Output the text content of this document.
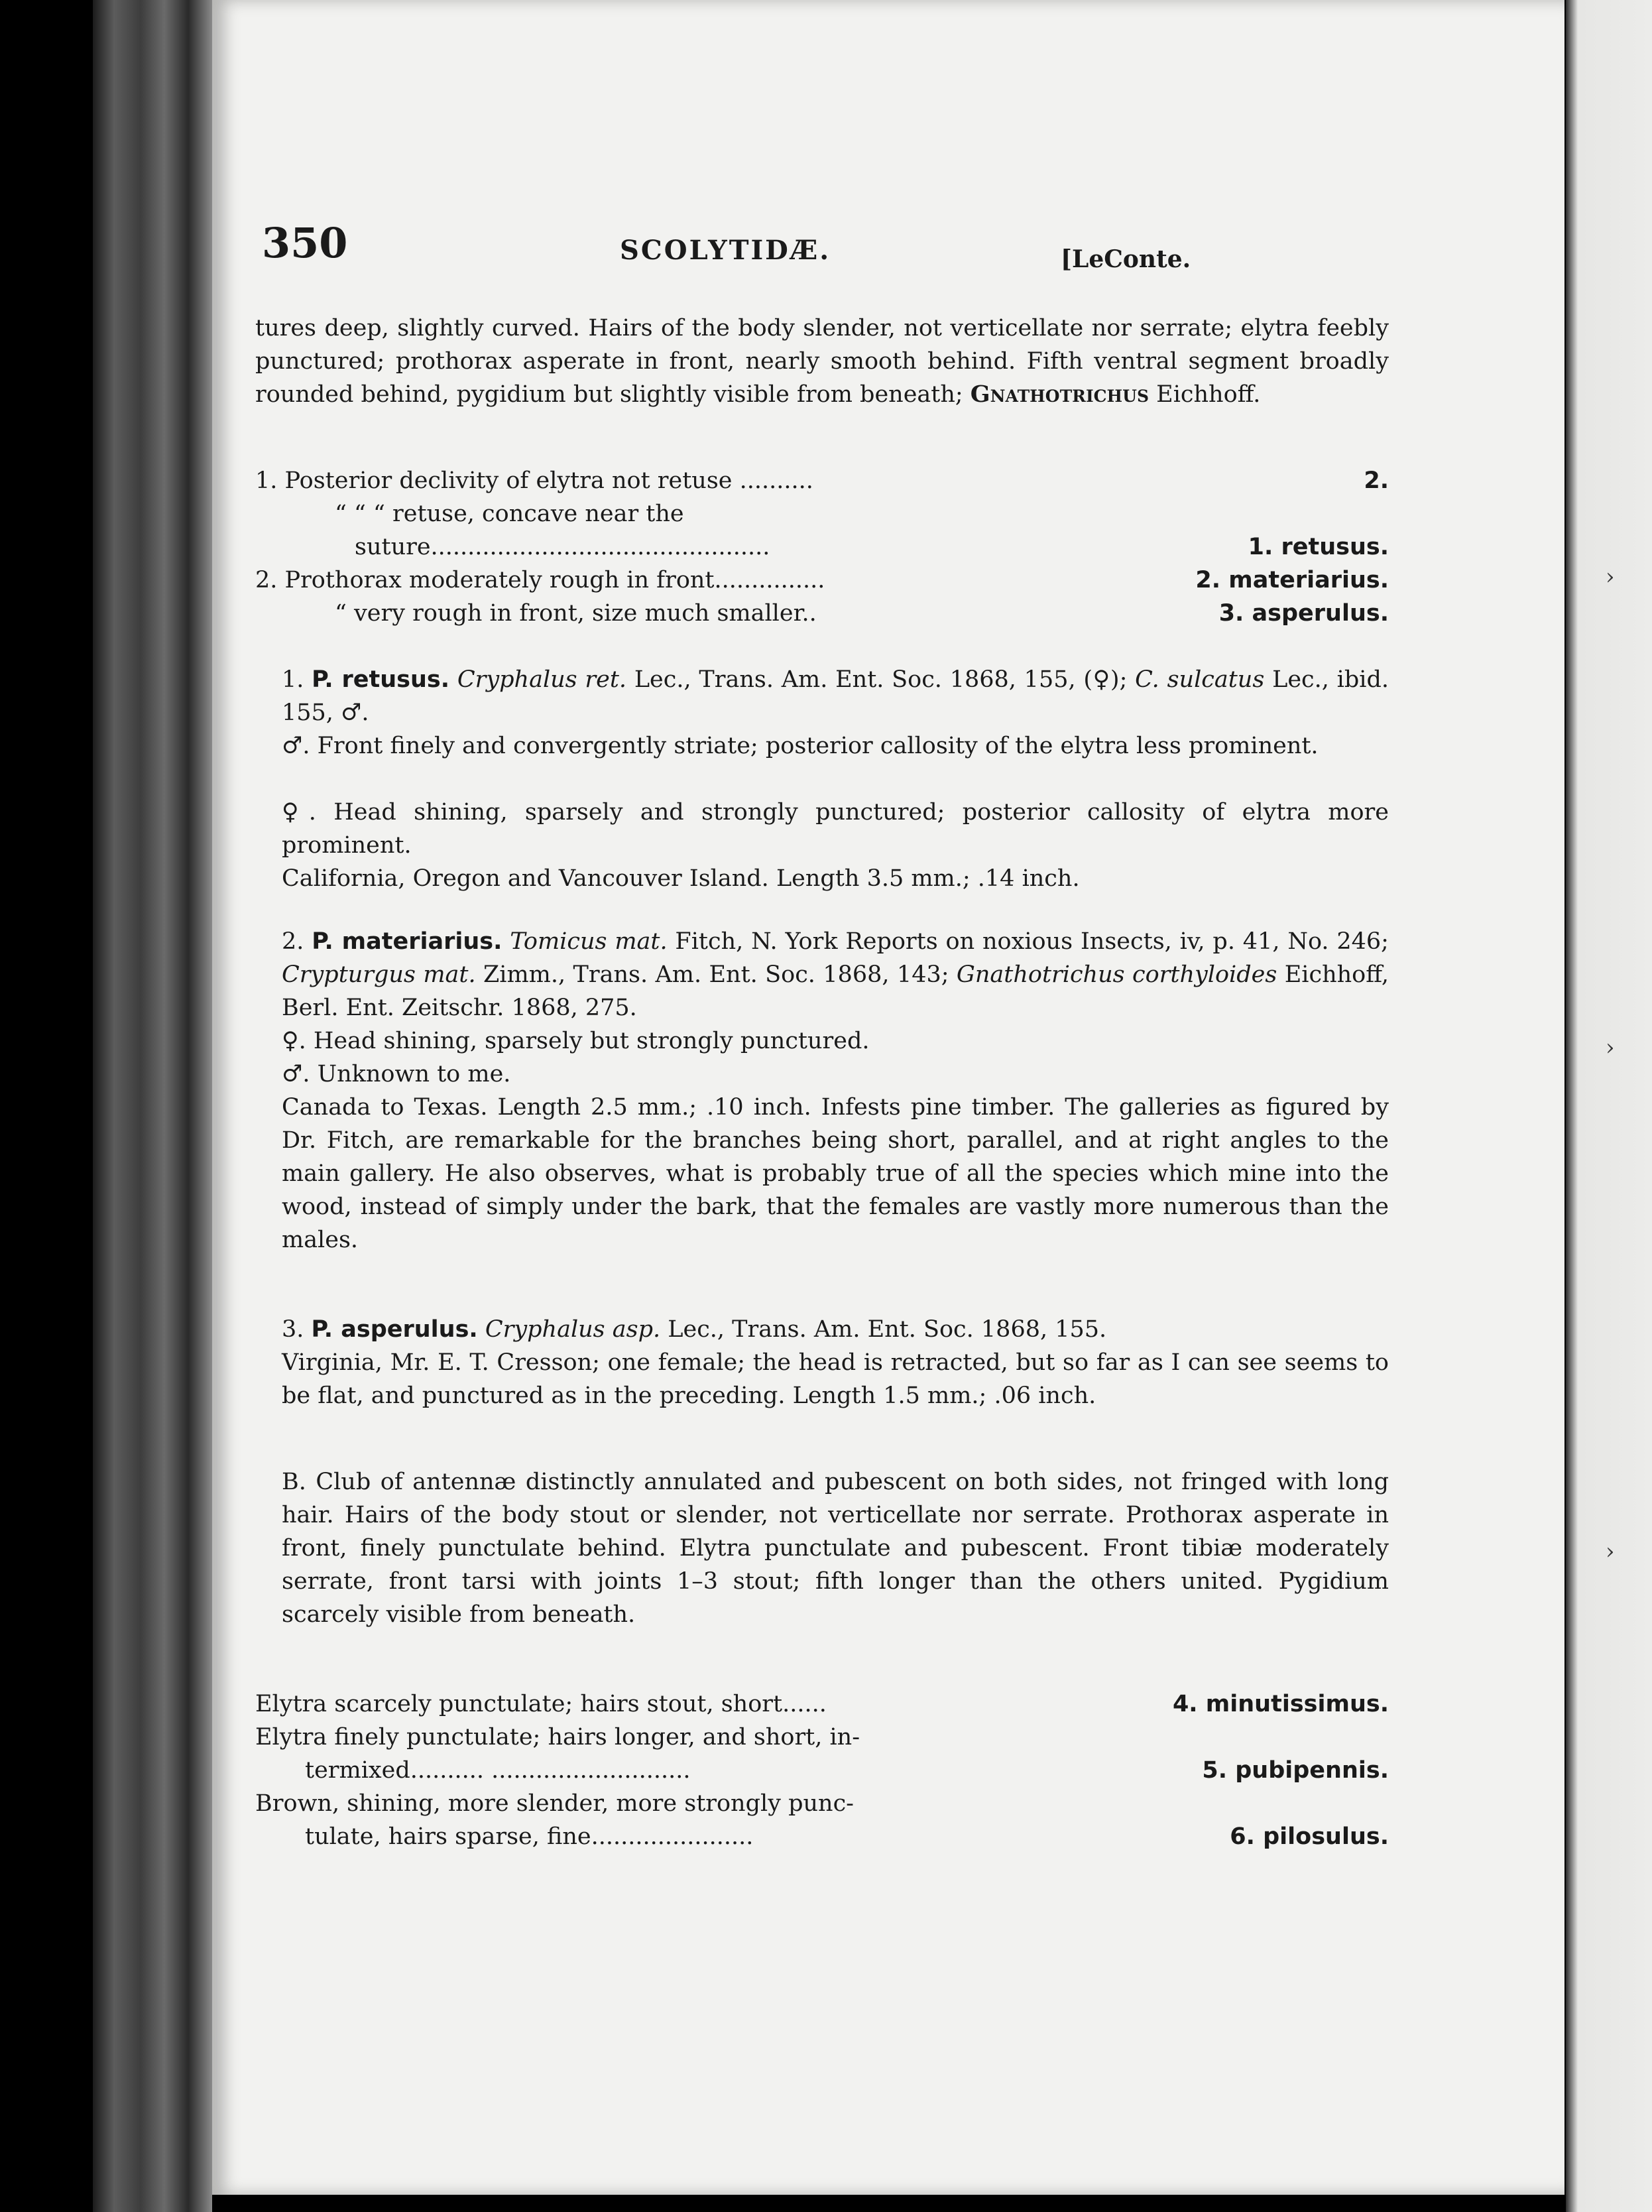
›
›
›
350	SCOLYTIDÆ.	[LeConte.

tures deep, slightly curved. Hairs of the body slender, not verticellate nor serrate; elytra feebly punctured; prothorax asperate in front, nearly smooth behind. Fifth ventral segment broadly rounded behind, pygidium but slightly visible from beneath; Gnathotrichus Eichhoff.

1. Posterior declivity of elytra not retuse ..........	2.
“ “ “ retuse, concave near the
suture..............................................	1. retusus.
2. Prothorax moderately rough in front...............	2. materiarius.
“ very rough in front, size much smaller..	3. asperulus.

1. P. retusus. Cryphalus ret. Lec., Trans. Am. Ent. Soc. 1868, 155, (♀); C. sulcatus Lec., ibid. 155, ♂.

♂. Front finely and convergently striate; posterior callosity of the elytra less prominent.

♀. Head shining, sparsely and strongly punctured; posterior callosity of elytra more prominent.

California, Oregon and Vancouver Island. Length 3.5 mm.; .14 inch.

2. P. materiarius. Tomicus mat. Fitch, N. York Reports on noxious Insects, iv, p. 41, No. 246; Crypturgus mat. Zimm., Trans. Am. Ent. Soc. 1868, 143; Gnathotrichus corthyloides Eichhoff, Berl. Ent. Zeitschr. 1868, 275.

♀. Head shining, sparsely but strongly punctured.

♂. Unknown to me.

Canada to Texas. Length 2.5 mm.; .10 inch. Infests pine timber. The galleries as figured by Dr. Fitch, are remarkable for the branches being short, parallel, and at right angles to the main gallery. He also observes, what is probably true of all the species which mine into the wood, instead of simply under the bark, that the females are vastly more numerous than the males.

3. P. asperulus. Cryphalus asp. Lec., Trans. Am. Ent. Soc. 1868, 155.

Virginia, Mr. E. T. Cresson; one female; the head is retracted, but so far as I can see seems to be flat, and punctured as in the preceding. Length 1.5 mm.; .06 inch.

B. Club of antennæ distinctly annulated and pubescent on both sides, not fringed with long hair. Hairs of the body stout or slender, not verticellate nor serrate. Prothorax asperate in front, finely punctulate behind. Elytra punctulate and pubescent. Front tibiæ moderately serrate, front tarsi with joints 1–3 stout; fifth longer than the others united. Pygidium scarcely visible from beneath.

Elytra scarcely punctulate; hairs stout, short......	4. minutissimus.
Elytra finely punctulate; hairs longer, and short, in-
termixed.......... ...........................	5. pubipennis.
Brown, shining, more slender, more strongly punc-
tulate, hairs sparse, fine......................	6. pilosulus.
